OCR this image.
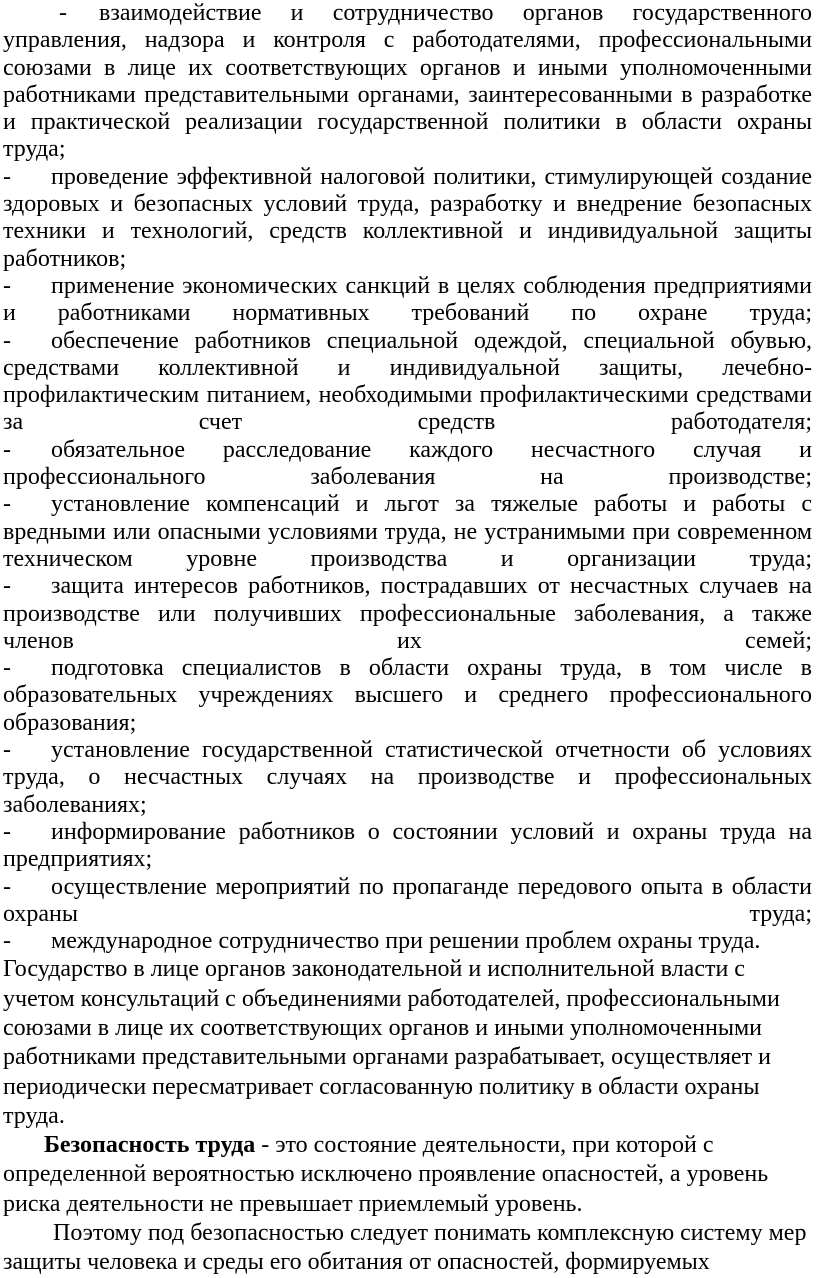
- взаимодействие и сотрудничество органов государственного управления, надзора и контроля с работодателями, профессиональными союзами в лице их соответствующих органов и иными уполномоченными работниками представительными органами, заинтересованными в разработке и практической реализации государственной политики в области охраны труда;

- проведение эффективной налоговой политики, стимулирующей создание здоровых и безопасных условий труда, разработку и внедрение безопасных техники и технологий, средств коллективной и индивидуальной защиты работников;

- применение экономических санкций в целях соблюдения предприятиями и работниками нормативных требований по охране труда;

- обеспечение работников специальной одеждой, специальной обувью, средствами коллективной и индивидуальной защиты, лечебно-профилактическим питанием, необходимыми профилактическими средствами за счет средств работодателя;

- обязательное расследование каждого несчастного случая и профессионального заболевания на производстве;

- установление компенсаций и льгот за тяжелые работы и работы с вредными или опасными условиями труда, не устранимыми при современном техническом уровне производства и организации труда;

- защита интересов работников, пострадавших от несчастных случаев на производстве или получивших профессиональные заболевания, а также членов их семей;

- подготовка специалистов в области охраны труда, в том числе в образовательных учреждениях высшего и среднего профессионального образования;

- установление государственной статистической отчетности об условиях труда, о несчастных случаях на производстве и профессиональных заболеваниях;

- информирование работников о состоянии условий и охраны труда на предприятиях;

- осуществление мероприятий по пропаганде передового опыта в области охраны труда;

- международное сотрудничество при решении проблем охраны труда.

Государство в лице органов законодательной и исполнительной власти с учетом консультаций с объединениями работодателей, профессиональными союзами в лице их соответствующих органов и иными уполномоченными работниками представительными органами разрабатывает, осуществляет и периодически пересматривает согласованную политику в области охраны труда.

Безопасность труда - это состояние деятельности, при которой с определенной вероятностью исключено проявление опасностей, а уровень риска деятельности не превышает приемлемый уровень.

Поэтому под безопасностью следует понимать комплексную систему мер защиты человека и среды его обитания от опасностей, формируемых
